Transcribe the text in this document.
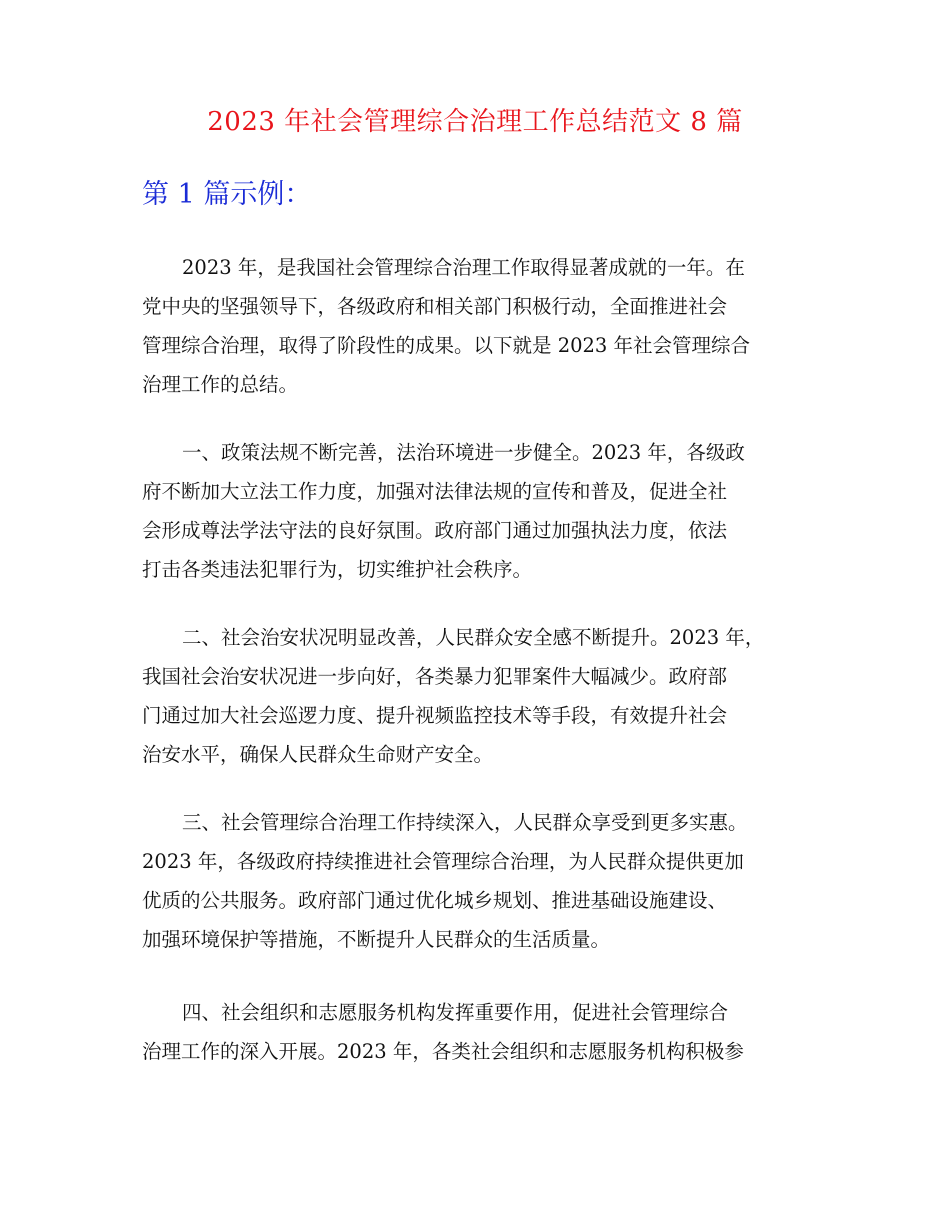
2023 年社会管理综合治理工作总结范文 8 篇
第 1 篇示例：
2023 年，是我国社会管理综合治理工作取得显著成就的一年。在
党中央的坚强领导下，各级政府和相关部门积极行动，全面推进社会
管理综合治理，取得了阶段性的成果。以下就是 2023 年社会管理综合
治理工作的总结。
一、政策法规不断完善，法治环境进一步健全。2023 年，各级政
府不断加大立法工作力度，加强对法律法规的宣传和普及，促进全社
会形成尊法学法守法的良好氛围。政府部门通过加强执法力度，依法
打击各类违法犯罪行为，切实维护社会秩序。
二、社会治安状况明显改善，人民群众安全感不断提升。2023 年，
我国社会治安状况进一步向好，各类暴力犯罪案件大幅减少。政府部
门通过加大社会巡逻力度、提升视频监控技术等手段，有效提升社会
治安水平，确保人民群众生命财产安全。
三、社会管理综合治理工作持续深入，人民群众享受到更多实惠。
2023 年，各级政府持续推进社会管理综合治理，为人民群众提供更加
优质的公共服务。政府部门通过优化城乡规划、推进基础设施建设、
加强环境保护等措施，不断提升人民群众的生活质量。
四、社会组织和志愿服务机构发挥重要作用，促进社会管理综合
治理工作的深入开展。2023 年，各类社会组织和志愿服务机构积极参
